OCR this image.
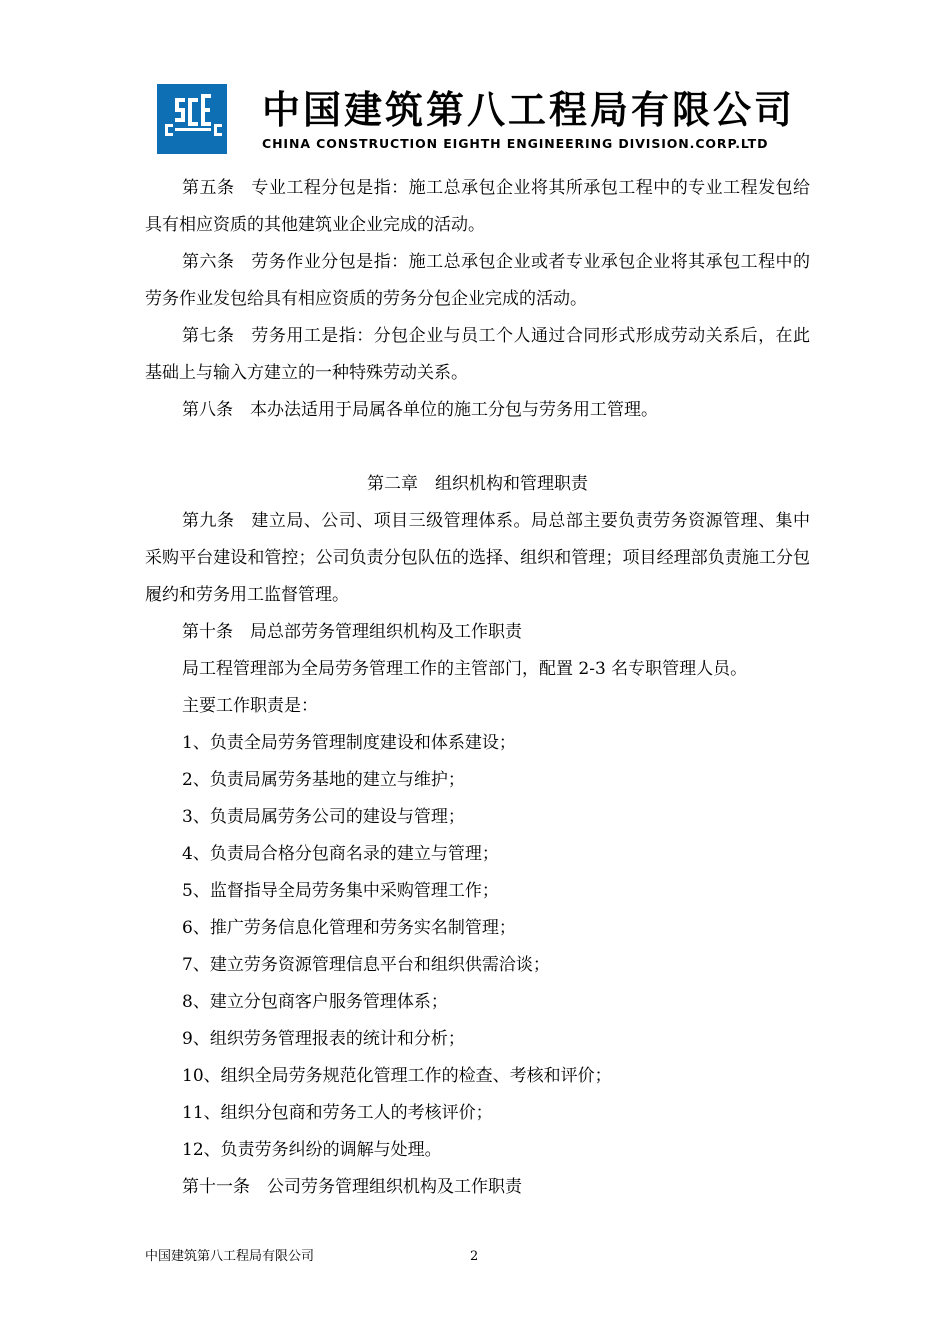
中国建筑第八工程局有限公司
CHINA CONSTRUCTION EIGHTH ENGINEERING DIVISION.CORP.LTD

第五条 专业工程分包是指：施工总承包企业将其所承包工程中的专业工程发包给具有相应资质的其他建筑业企业完成的活动。

第六条 劳务作业分包是指：施工总承包企业或者专业承包企业将其承包工程中的劳务作业发包给具有相应资质的劳务分包企业完成的活动。

第七条 劳务用工是指：分包企业与员工个人通过合同形式形成劳动关系后，在此基础上与输入方建立的一种特殊劳动关系。

第八条 本办法适用于局属各单位的施工分包与劳务用工管理。

第二章 组织机构和管理职责

第九条 建立局、公司、项目三级管理体系。局总部主要负责劳务资源管理、集中采购平台建设和管控；公司负责分包队伍的选择、组织和管理；项目经理部负责施工分包履约和劳务用工监督管理。

第十条 局总部劳务管理组织机构及工作职责

局工程管理部为全局劳务管理工作的主管部门，配置 2-3 名专职管理人员。

主要工作职责是：

1、负责全局劳务管理制度建设和体系建设；

2、负责局属劳务基地的建立与维护；

3、负责局属劳务公司的建设与管理；

4、负责局合格分包商名录的建立与管理；

5、监督指导全局劳务集中采购管理工作；

6、推广劳务信息化管理和劳务实名制管理；

7、建立劳务资源管理信息平台和组织供需洽谈；

8、建立分包商客户服务管理体系；

9、组织劳务管理报表的统计和分析；

10、组织全局劳务规范化管理工作的检查、考核和评价；

11、组织分包商和劳务工人的考核评价；

12、负责劳务纠纷的调解与处理。

第十一条 公司劳务管理组织机构及工作职责

中国建筑第八工程局有限公司	2
